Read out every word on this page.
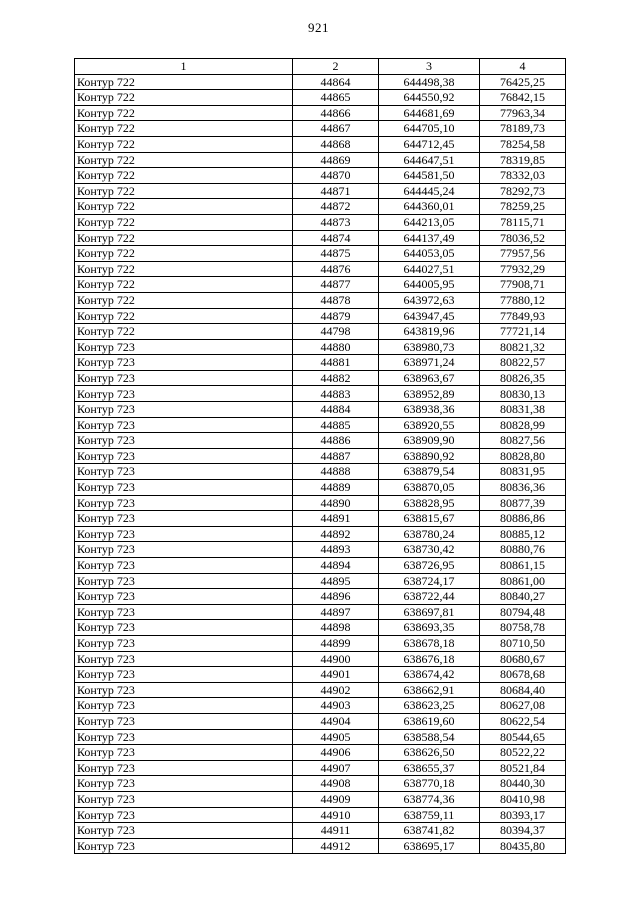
921
1	2	3	4
Контур 722	44864	644498,38	76425,25
Контур 722	44865	644550,92	76842,15
Контур 722	44866	644681,69	77963,34
Контур 722	44867	644705,10	78189,73
Контур 722	44868	644712,45	78254,58
Контур 722	44869	644647,51	78319,85
Контур 722	44870	644581,50	78332,03
Контур 722	44871	644445,24	78292,73
Контур 722	44872	644360,01	78259,25
Контур 722	44873	644213,05	78115,71
Контур 722	44874	644137,49	78036,52
Контур 722	44875	644053,05	77957,56
Контур 722	44876	644027,51	77932,29
Контур 722	44877	644005,95	77908,71
Контур 722	44878	643972,63	77880,12
Контур 722	44879	643947,45	77849,93
Контур 722	44798	643819,96	77721,14
Контур 723	44880	638980,73	80821,32
Контур 723	44881	638971,24	80822,57
Контур 723	44882	638963,67	80826,35
Контур 723	44883	638952,89	80830,13
Контур 723	44884	638938,36	80831,38
Контур 723	44885	638920,55	80828,99
Контур 723	44886	638909,90	80827,56
Контур 723	44887	638890,92	80828,80
Контур 723	44888	638879,54	80831,95
Контур 723	44889	638870,05	80836,36
Контур 723	44890	638828,95	80877,39
Контур 723	44891	638815,67	80886,86
Контур 723	44892	638780,24	80885,12
Контур 723	44893	638730,42	80880,76
Контур 723	44894	638726,95	80861,15
Контур 723	44895	638724,17	80861,00
Контур 723	44896	638722,44	80840,27
Контур 723	44897	638697,81	80794,48
Контур 723	44898	638693,35	80758,78
Контур 723	44899	638678,18	80710,50
Контур 723	44900	638676,18	80680,67
Контур 723	44901	638674,42	80678,68
Контур 723	44902	638662,91	80684,40
Контур 723	44903	638623,25	80627,08
Контур 723	44904	638619,60	80622,54
Контур 723	44905	638588,54	80544,65
Контур 723	44906	638626,50	80522,22
Контур 723	44907	638655,37	80521,84
Контур 723	44908	638770,18	80440,30
Контур 723	44909	638774,36	80410,98
Контур 723	44910	638759,11	80393,17
Контур 723	44911	638741,82	80394,37
Контур 723	44912	638695,17	80435,80
